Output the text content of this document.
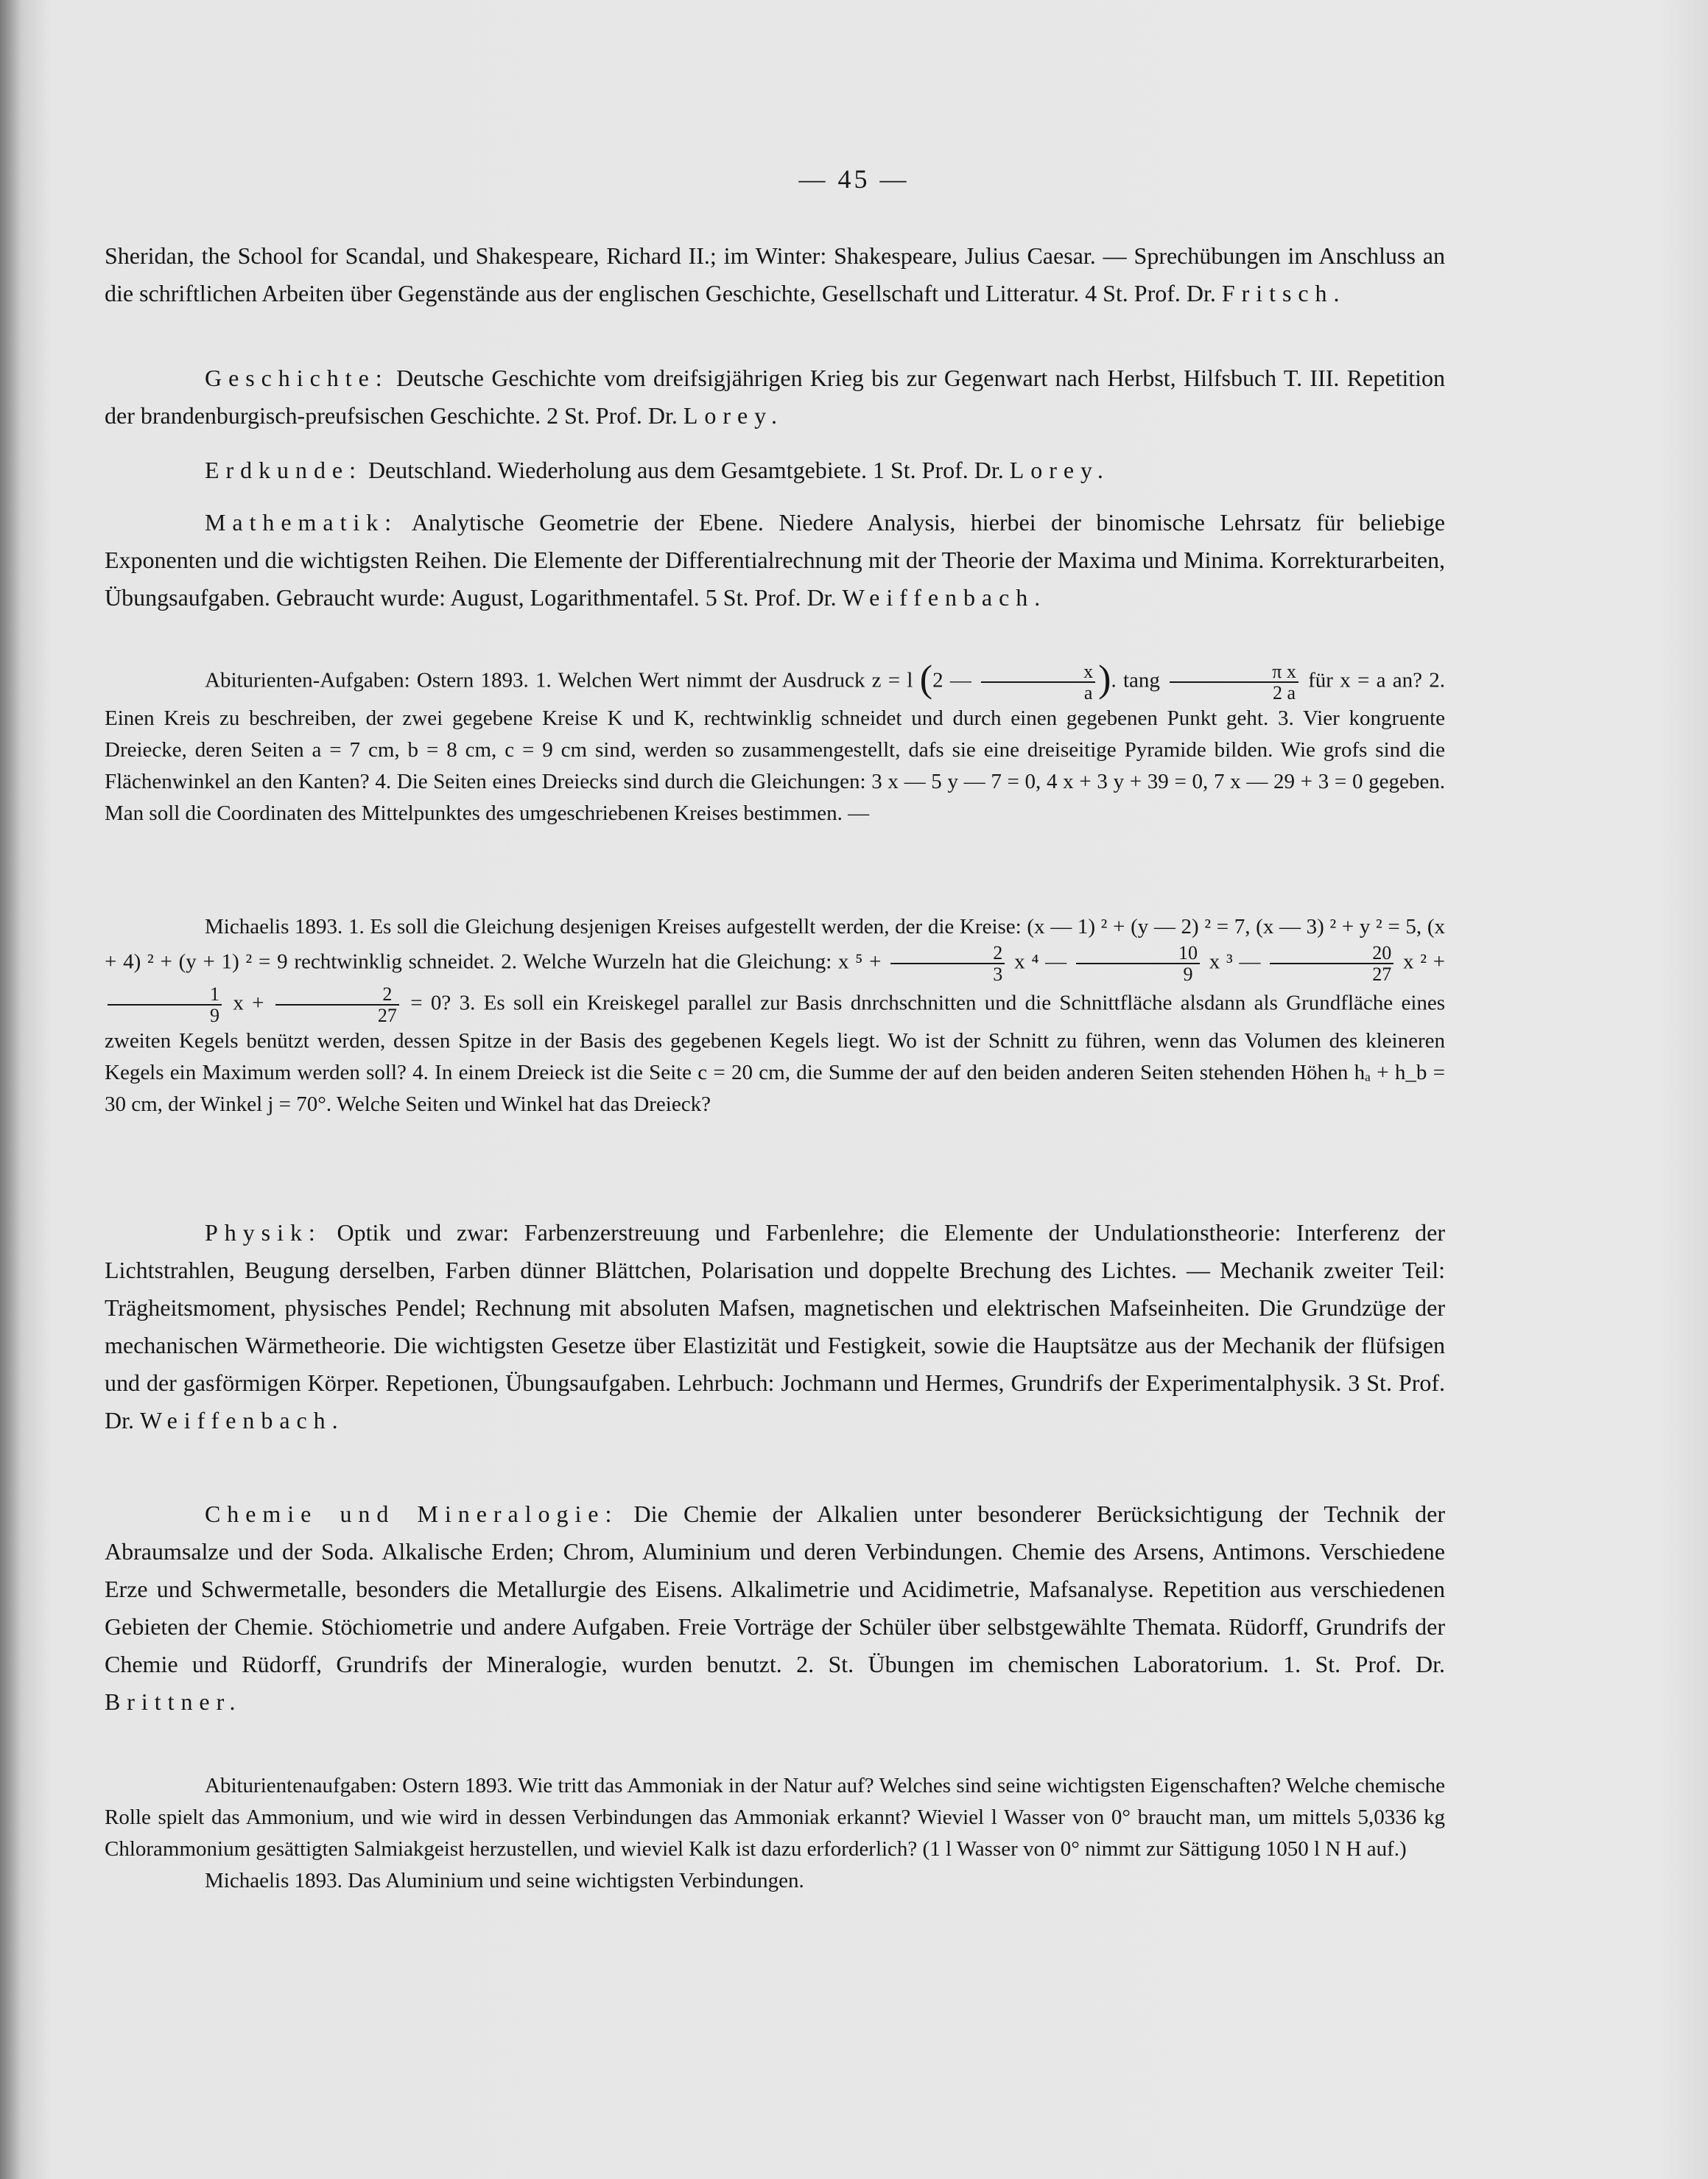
— 45 —

Sheridan, the School for Scandal, und Shakespeare, Richard II.; im Winter: Shakespeare, Julius Caesar. — Sprechübungen im Anschluss an die schriftlichen Arbeiten über Gegenstände aus der englischen Geschichte, Gesellschaft und Litteratur. 4 St. Prof. Dr. Fritsch.

Geschichte: Deutsche Geschichte vom dreifsigjährigen Krieg bis zur Gegenwart nach Herbst, Hilfsbuch T. III. Repetition der brandenburgisch-preufsischen Geschichte. 2 St. Prof. Dr. Lorey.

Erdkunde: Deutschland. Wiederholung aus dem Gesamtgebiete. 1 St. Prof. Dr. Lorey.

Mathematik: Analytische Geometrie der Ebene. Niedere Analysis, hierbei der binomische Lehrsatz für beliebige Exponenten und die wichtigsten Reihen. Die Elemente der Differentialrechnung mit der Theorie der Maxima und Minima. Korrekturarbeiten, Übungsaufgaben. Gebraucht wurde: August, Logarithmentafel. 5 St. Prof. Dr. Weiffenbach.

Abiturienten-Aufgaben: Ostern 1893. 1. Welchen Wert nimmt der Ausdruck z = l (2 — $\frac{x}{a}$ ). tang $\frac{\text{π x}}{2 a}$ für x = a an? 2. Einen Kreis zu beschreiben, der zwei gegebene Kreise K und K, rechtwinklig schneidet und durch einen gegebenen Punkt geht. 3. Vier kongruente Dreiecke, deren Seiten a = 7 cm, b = 8 cm, c = 9 cm sind, werden so zusammengestellt, dafs sie eine dreiseitige Pyramide bilden. Wie grofs sind die Flächenwinkel an den Kanten? 4. Die Seiten eines Dreiecks sind durch die Gleichungen: 3 x — 5 y — 7 = 0, 4 x + 3 y + 39 = 0, 7 x — 29 + 3 = 0 gegeben. Man soll die Coordinaten des Mittelpunktes des umgeschriebenen Kreises bestimmen. —

Michaelis 1893. 1. Es soll die Gleichung desjenigen Kreises aufgestellt werden, der die Kreise: (x — 1) ² + (y — 2) ² = 7, (x — 3) ² + y ² = 5, (x + 4) ² + (y + 1) ² = 9 rechtwinklig schneidet. 2. Welche Wurzeln hat die Gleichung: x $^5 + \frac{2}{3}$ x ⁴ — $\frac{10}{9}$ x ³ — $\frac{20}{27}$ x ² +
$\frac{1}{9}$ $x + \frac{2}{27} = 0$? 3. Es soll ein Kreiskegel parallel zur Basis dnrchschnitten und die Schnittfläche alsdann als Grundfläche eines zweiten Kegels benützt werden, dessen Spitze in der Basis des gegebenen Kegels liegt. Wo ist der Schnitt zu führen, wenn das Volumen des kleineren Kegels ein Maximum werden soll? 4. In einem Dreieck ist die Seite c = 20 cm, die Summe der auf den beiden anderen Seiten stehenden Höhen hₐ + h_b = 30 cm, der Winkel j = 70°. Welche Seiten und Winkel hat das Dreieck?

Physik: Optik und zwar: Farbenzerstreuung und Farbenlehre; die Elemente der Undulationstheorie: Interferenz der Lichtstrahlen, Beugung derselben, Farben dünner Blättchen, Polarisation und doppelte Brechung des Lichtes. — Mechanik zweiter Teil: Trägheitsmoment, physisches Pendel; Rechnung mit absoluten Mafsen, magnetischen und elektrischen Mafseinheiten. Die Grundzüge der mechanischen Wärmetheorie. Die wichtigsten Gesetze über Elastizität und Festigkeit, sowie die Hauptsätze aus der Mechanik der flüfsigen und der gasförmigen Körper. Repetionen, Übungsaufgaben. Lehrbuch: Jochmann und Hermes, Grundrifs der Experimentalphysik. 3 St. Prof. Dr. Weiffenbach.

Chemie und Mineralogie: Die Chemie der Alkalien unter besonderer Berücksichtigung der Technik der Abraumsalze und der Soda. Alkalische Erden; Chrom, Aluminium und deren Verbindungen. Chemie des Arsens, Antimons. Verschiedene Erze und Schwermetalle, besonders die Metallurgie des Eisens. Alkalimetrie und Acidimetrie, Mafsanalyse. Repetition aus verschiedenen Gebieten der Chemie. Stöchiometrie und andere Aufgaben. Freie Vorträge der Schüler über selbstgewählte Themata. Rüdorff, Grundrifs der Chemie und Rüdorff, Grundrifs der Mineralogie, wurden benutzt. 2. St. Übungen im chemischen Laboratorium. 1. St. Prof. Dr. Brittner.

Abiturientenaufgaben: Ostern 1893. Wie tritt das Ammoniak in der Natur auf? Welches sind seine wichtigsten Eigenschaften? Welche chemische Rolle spielt das Ammonium, und wie wird in dessen Verbindungen das Ammoniak erkannt? Wieviel l Wasser von 0° braucht man, um mittels 5,0336 kg Chlorammonium gesättigten Salmiakgeist herzustellen, und wieviel Kalk ist dazu erforderlich? (1 l Wasser von 0° nimmt zur Sättigung 1050 l N H auf.)

Michaelis 1893. Das Aluminium und seine wichtigsten Verbindungen.
